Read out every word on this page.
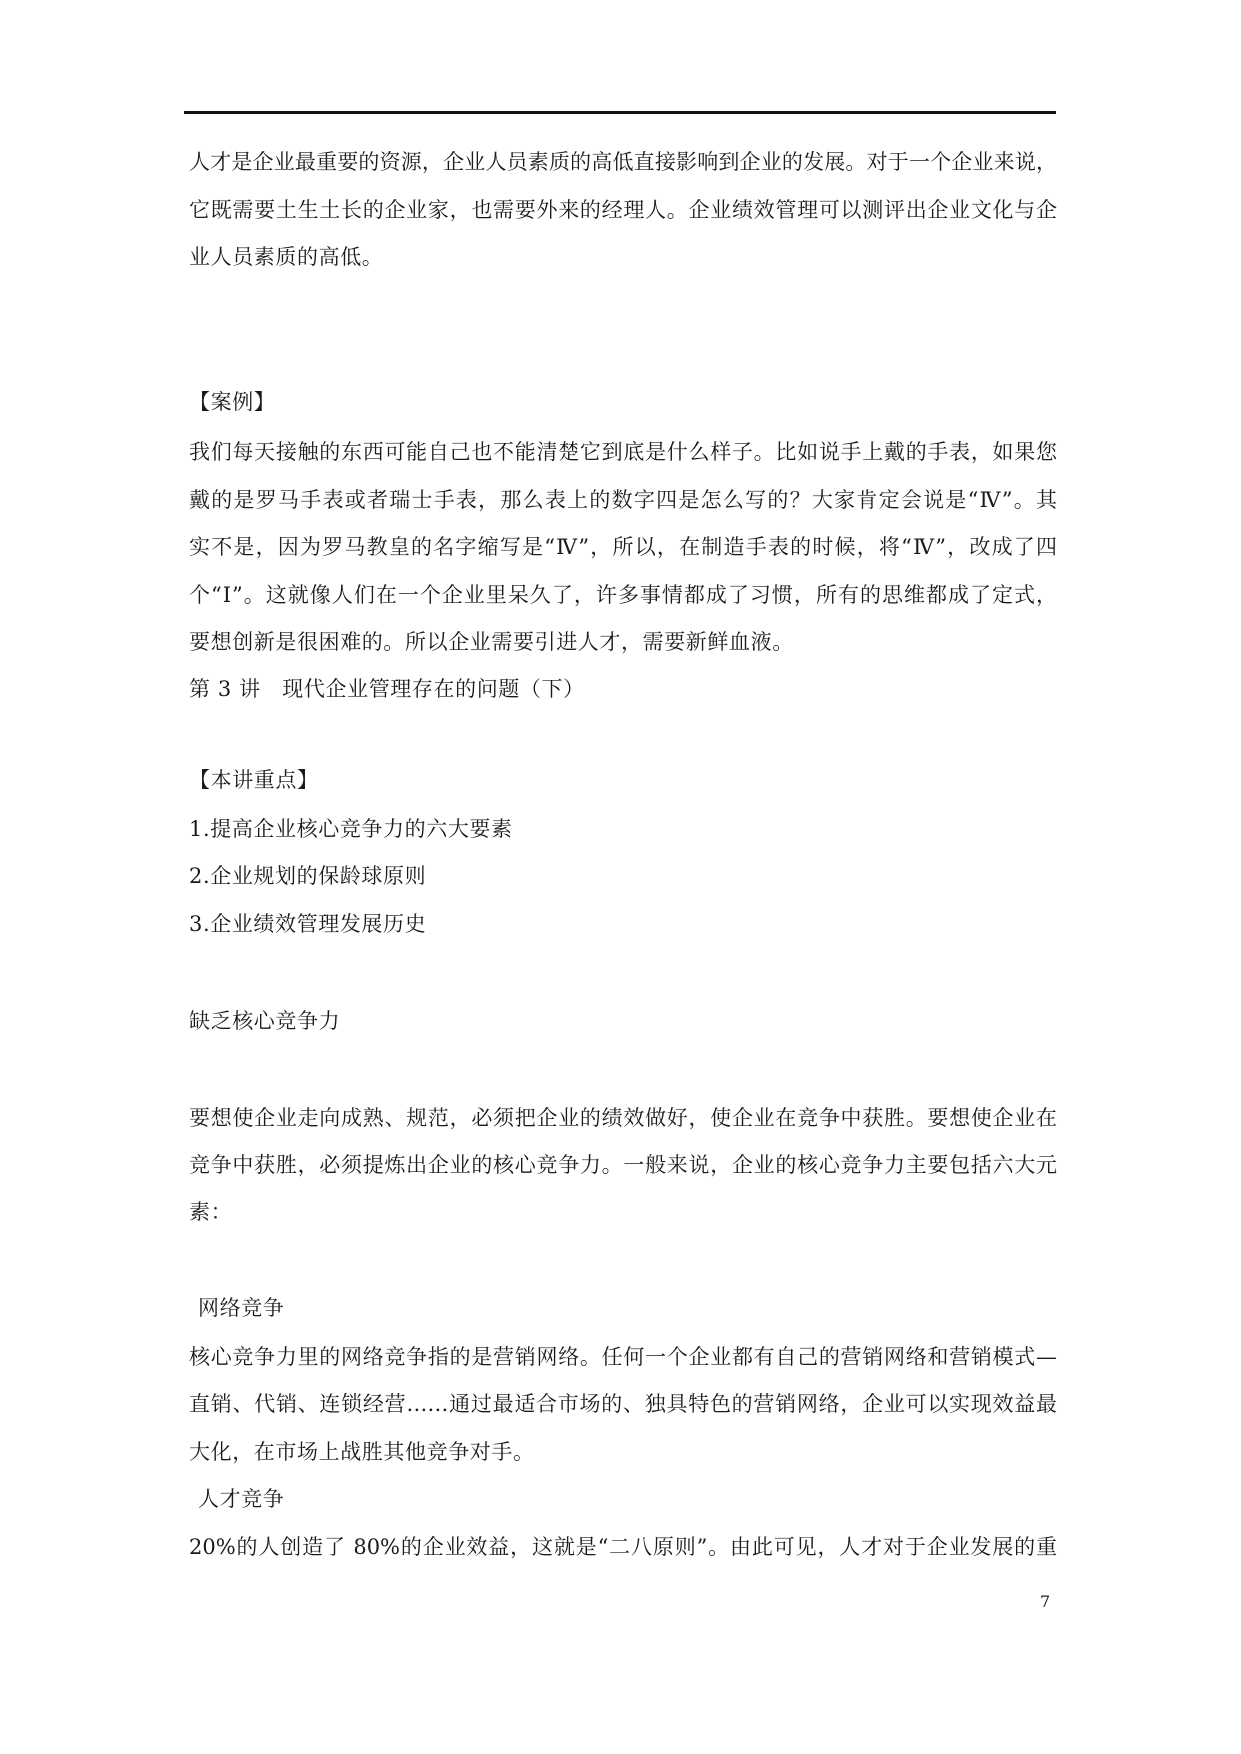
人才是企业最重要的资源，企业人员素质的高低直接影响到企业的发展。对于一个企业来说，
它既需要土生土长的企业家，也需要外来的经理人。企业绩效管理可以测评出企业文化与企
业人员素质的高低。
【案例】
我们每天接触的东西可能自己也不能清楚它到底是什么样子。比如说手上戴的手表，如果您
戴的是罗马手表或者瑞士手表，那么表上的数字四是怎么写的？大家肯定会说是“Ⅳ”。其
实不是，因为罗马教皇的名字缩写是“Ⅳ”，所以，在制造手表的时候，将“Ⅳ”，改成了四
个“Ⅰ”。这就像人们在一个企业里呆久了，许多事情都成了习惯，所有的思维都成了定式，
要想创新是很困难的。所以企业需要引进人才，需要新鲜血液。
第 3 讲　现代企业管理存在的问题（下）
【本讲重点】
1.提高企业核心竞争力的六大要素
2.企业规划的保龄球原则
3.企业绩效管理发展历史
缺乏核心竞争力
要想使企业走向成熟、规范，必须把企业的绩效做好，使企业在竞争中获胜。要想使企业在
竞争中获胜，必须提炼出企业的核心竞争力。一般来说，企业的核心竞争力主要包括六大元
素：
网络竞争
核心竞争力里的网络竞争指的是营销网络。任何一个企业都有自己的营销网络和营销模式—
直销、代销、连锁经营……通过最适合市场的、独具特色的营销网络，企业可以实现效益最
大化，在市场上战胜其他竞争对手。
人才竞争
20%的人创造了 80%的企业效益，这就是“二八原则”。由此可见，人才对于企业发展的重
7
